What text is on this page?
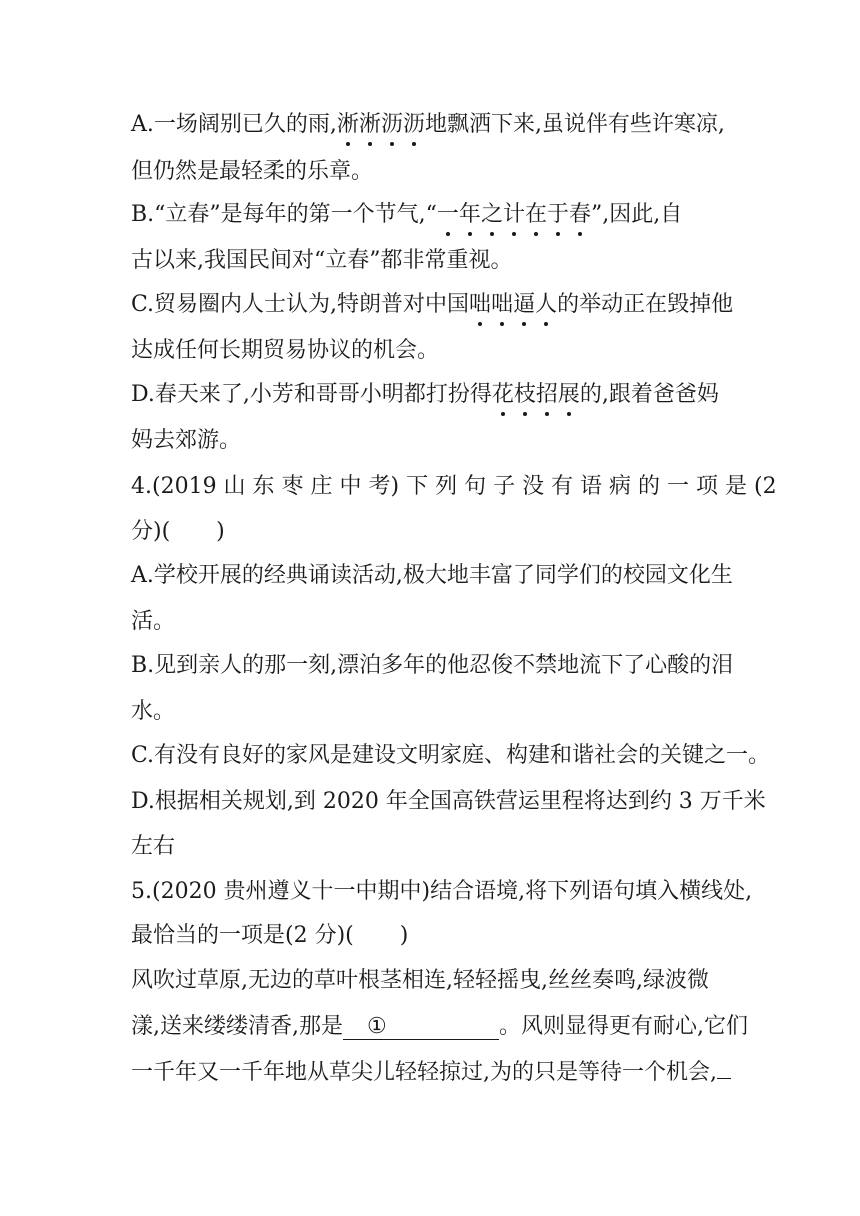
A.一场阔别已久的雨,淅淅沥沥地飘洒下来,虽说伴有些许寒凉,
但仍然是最轻柔的乐章。
B.“立春”是每年的第一个节气,“一年之计在于春”,因此,自
古以来,我国民间对“立春”都非常重视。
C.贸易圈内人士认为,特朗普对中国咄咄逼人的举动正在毁掉他
达成任何长期贸易协议的机会。
D.春天来了,小芳和哥哥小明都打扮得花枝招展的,跟着爸爸妈
妈去郊游。
4.(2019 山 东 枣 庄 中 考) 下 列 句 子 没 有 语 病 的 一 项 是 (2
分)( )
A.学校开展的经典诵读活动,极大地丰富了同学们的校园文化生
活。
B.见到亲人的那一刻,漂泊多年的他忍俊不禁地流下了心酸的泪
水。
C.有没有良好的家风是建设文明家庭、构建和谐社会的关键之一。
D.根据相关规划,到 2020 年全国高铁营运里程将达到约 3 万千米
左右
5.(2020 贵州遵义十一中期中)结合语境,将下列语句填入横线处,
最恰当的一项是(2 分)( )
风吹过草原,无边的草叶根茎相连,轻轻摇曳,丝丝奏鸣,绿波微
漾,送来缕缕清香,那是 ①	。风则显得更有耐心,它们
一千年又一千年地从草尖儿轻轻掠过,为的只是等待一个机会,
